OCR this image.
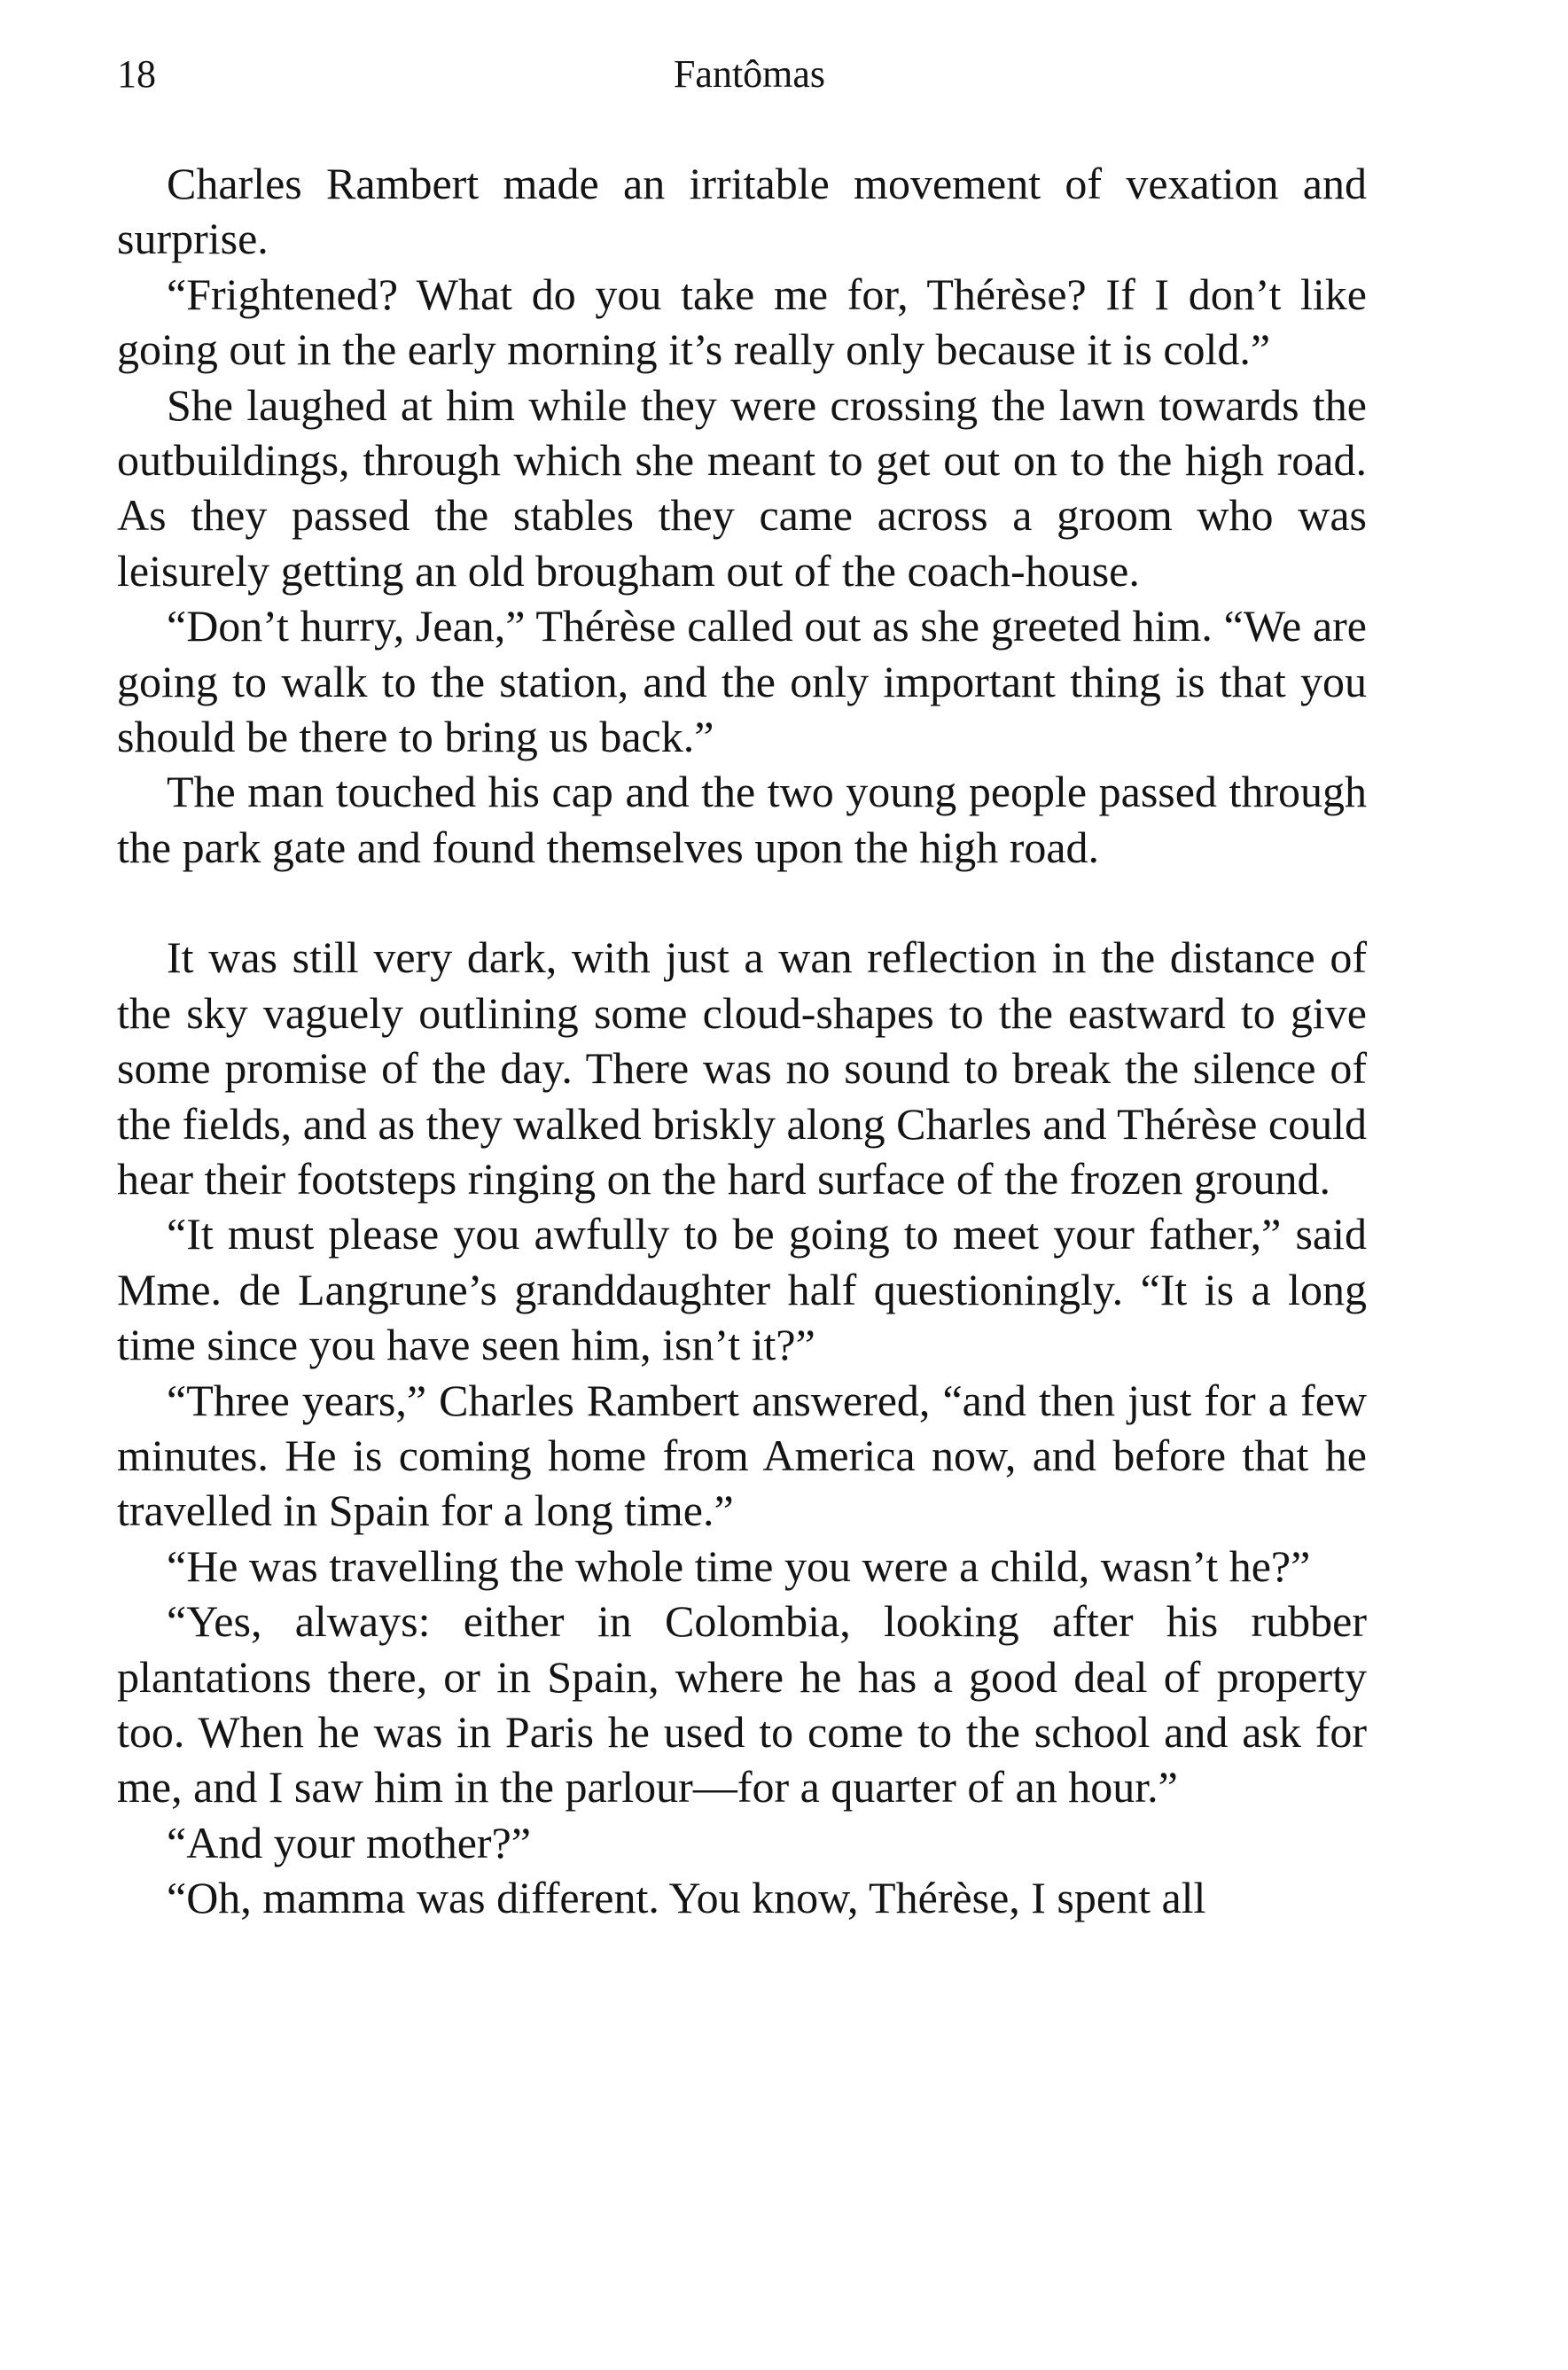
18	Fantômas

Charles Rambert made an irritable movement of vexation and surprise.

“Frightened? What do you take me for, Thérèse? If I don’t like going out in the early morning it’s really only because it is cold.”

She laughed at him while they were crossing the lawn towards the outbuildings, through which she meant to get out on to the high road. As they passed the stables they came across a groom who was leisurely getting an old brougham out of the coach-house.

“Don’t hurry, Jean,” Thérèse called out as she greeted him. “We are going to walk to the station, and the only important thing is that you should be there to bring us back.”

The man touched his cap and the two young people passed through the park gate and found themselves upon the high road.

It was still very dark, with just a wan reflection in the distance of the sky vaguely outlining some cloud-shapes to the eastward to give some promise of the day. There was no sound to break the silence of the fields, and as they walked briskly along Charles and Thérèse could hear their footsteps ringing on the hard surface of the frozen ground.

“It must please you awfully to be going to meet your father,” said Mme. de Langrune’s granddaughter half questioningly. “It is a long time since you have seen him, isn’t it?”

“Three years,” Charles Rambert answered, “and then just for a few minutes. He is coming home from America now, and before that he travelled in Spain for a long time.”

“He was travelling the whole time you were a child, wasn’t he?”

“Yes, always: either in Colombia, looking after his rubber plantations there, or in Spain, where he has a good deal of property too. When he was in Paris he used to come to the school and ask for me, and I saw him in the parlour—for a quarter of an hour.”

“And your mother?”

“Oh, mamma was different. You know, Thérèse, I spent all
